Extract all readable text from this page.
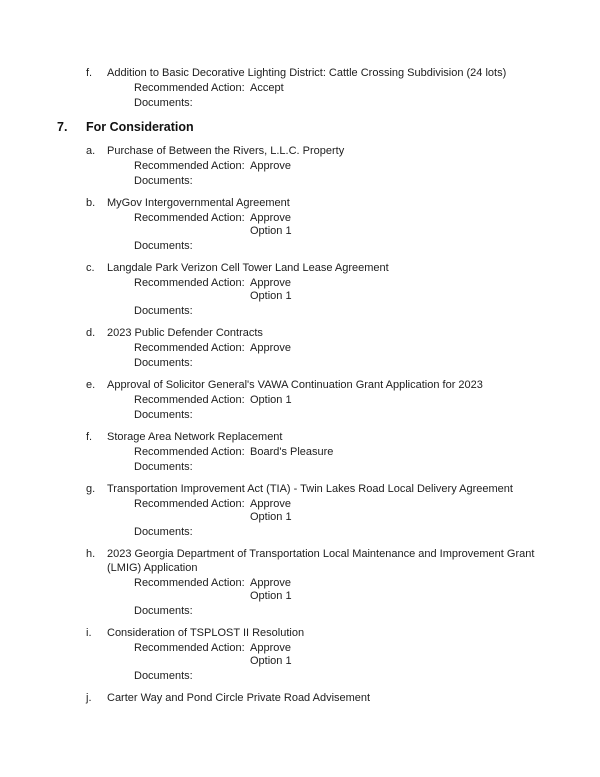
f.	Addition to Basic Decorative Lighting District: Cattle Crossing Subdivision (24 lots)
Recommended Action: Accept
Documents:
7.	For Consideration
a.	Purchase of Between the Rivers, L.L.C. Property
Recommended Action: Approve
Documents:
b.	MyGov Intergovernmental Agreement
Recommended Action: Approve
Option 1
Documents:
c.	Langdale Park Verizon Cell Tower Land Lease Agreement
Recommended Action: Approve
Option 1
Documents:
d.	2023 Public Defender Contracts
Recommended Action: Approve
Documents:
e.	Approval of Solicitor General's VAWA Continuation Grant Application for 2023
Recommended Action: Option 1
Documents:
f.	Storage Area Network Replacement
Recommended Action: Board's Pleasure
Documents:
g.	Transportation Improvement Act (TIA) - Twin Lakes Road Local Delivery Agreement
Recommended Action: Approve
Option 1
Documents:
h.	2023 Georgia Department of Transportation Local Maintenance and Improvement Grant (LMIG) Application
Recommended Action: Approve
Option 1
Documents:
i.	Consideration of TSPLOST II Resolution
Recommended Action: Approve
Option 1
Documents:
j.	Carter Way and Pond Circle Private Road Advisement
